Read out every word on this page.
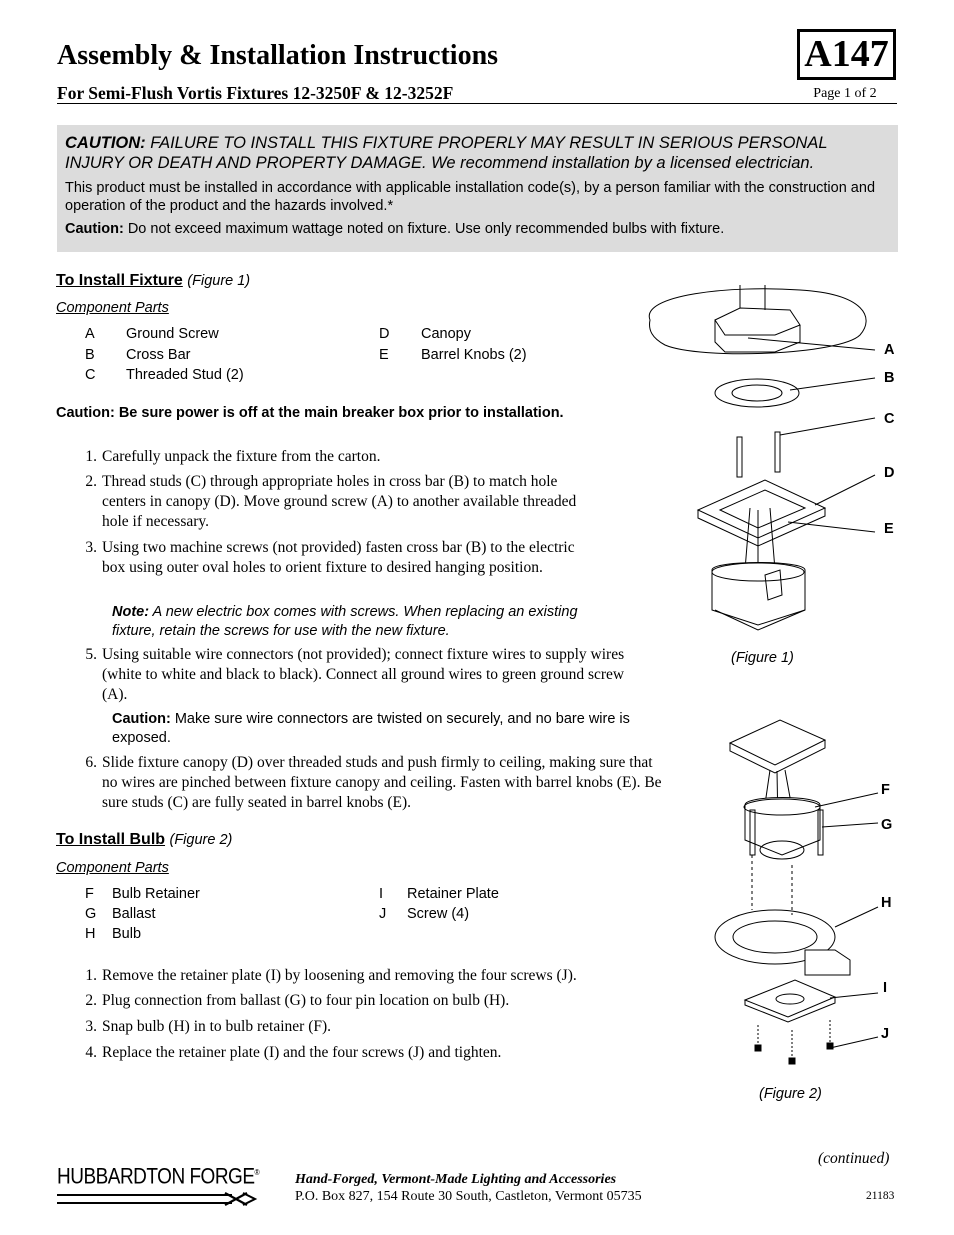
Assembly & Installation Instructions
For Semi-Flush Vortis Fixtures 12-3250F & 12-3252F
A147
Page 1 of 2
CAUTION: FAILURE TO INSTALL THIS FIXTURE PROPERLY MAY RESULT IN SERIOUS PERSONAL INJURY OR DEATH AND PROPERTY DAMAGE. We recommend installation by a licensed electrician.
This product must be installed in accordance with applicable installation code(s), by a person familiar with the construction and operation of the product and the hazards involved.*
Caution: Do not exceed maximum wattage noted on fixture. Use only recommended bulbs with fixture.
To Install Fixture (Figure 1)
Component Parts
A Ground Screw
B Cross Bar
C Threaded Stud (2)
D Canopy
E Barrel Knobs (2)
Caution: Be sure power is off at the main breaker box prior to installation.
1. Carefully unpack the fixture from the carton.
2. Thread studs (C) through appropriate holes in cross bar (B) to match hole centers in canopy (D). Move ground screw (A) to another available threaded hole if necessary.
3. Using two machine screws (not provided) fasten cross bar (B) to the electric box using outer oval holes to orient fixture to desired hanging position.
Note: A new electric box comes with screws. When replacing an existing fixture, retain the screws for use with the new fixture.
5. Using suitable wire connectors (not provided); connect fixture wires to supply wires (white to white and black to black). Connect all ground wires to green ground screw (A).
Caution: Make sure wire connectors are twisted on securely, and no bare wire is exposed.
6. Slide fixture canopy (D) over threaded studs and push firmly to ceiling, making sure that no wires are pinched between fixture canopy and ceiling. Fasten with barrel knobs (E). Be sure studs (C) are fully seated in barrel knobs (E).
To Install Bulb (Figure 2)
Component Parts
F Bulb Retainer
G Ballast
H Bulb
I Retainer Plate
J Screw (4)
1. Remove the retainer plate (I) by loosening and removing the four screws (J).
2. Plug connection from ballast (G) to four pin location on bulb (H).
3. Snap bulb (H) in to bulb retainer (F).
4. Replace the retainer plate (I) and the four screws (J) and tighten.
A
B
C
D
E
(Figure 1)
F
G
H
I
J
(Figure 2)
(continued)
HUBBARDTON FORGE®	Hand-Forged, Vermont-Made Lighting and Accessories
P.O. Box 827, 154 Route 30 South, Castleton, Vermont 05735	21183
